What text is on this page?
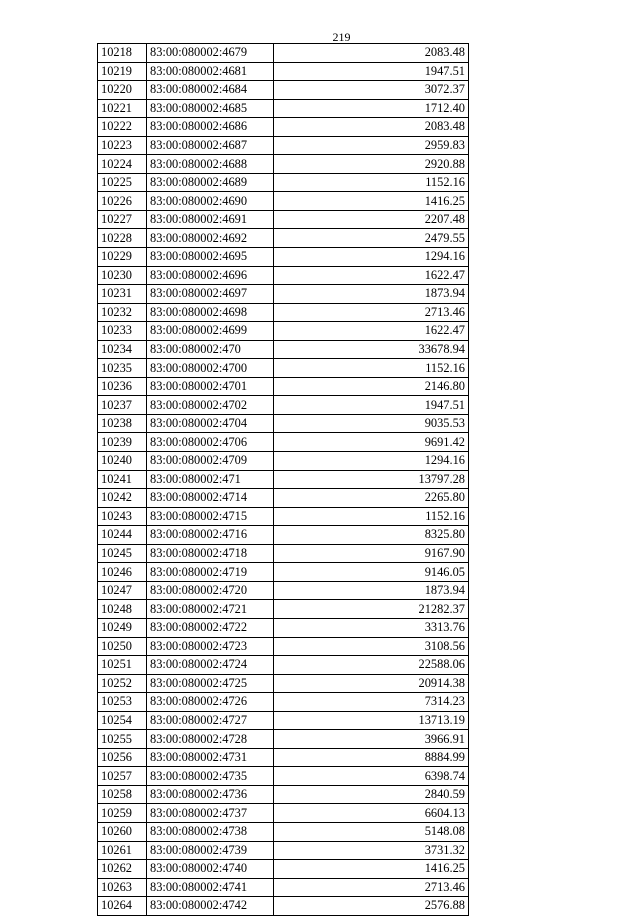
219
10218	83:00:080002:4679	2083.48
10219	83:00:080002:4681	1947.51
10220	83:00:080002:4684	3072.37
10221	83:00:080002:4685	1712.40
10222	83:00:080002:4686	2083.48
10223	83:00:080002:4687	2959.83
10224	83:00:080002:4688	2920.88
10225	83:00:080002:4689	1152.16
10226	83:00:080002:4690	1416.25
10227	83:00:080002:4691	2207.48
10228	83:00:080002:4692	2479.55
10229	83:00:080002:4695	1294.16
10230	83:00:080002:4696	1622.47
10231	83:00:080002:4697	1873.94
10232	83:00:080002:4698	2713.46
10233	83:00:080002:4699	1622.47
10234	83:00:080002:470	33678.94
10235	83:00:080002:4700	1152.16
10236	83:00:080002:4701	2146.80
10237	83:00:080002:4702	1947.51
10238	83:00:080002:4704	9035.53
10239	83:00:080002:4706	9691.42
10240	83:00:080002:4709	1294.16
10241	83:00:080002:471	13797.28
10242	83:00:080002:4714	2265.80
10243	83:00:080002:4715	1152.16
10244	83:00:080002:4716	8325.80
10245	83:00:080002:4718	9167.90
10246	83:00:080002:4719	9146.05
10247	83:00:080002:4720	1873.94
10248	83:00:080002:4721	21282.37
10249	83:00:080002:4722	3313.76
10250	83:00:080002:4723	3108.56
10251	83:00:080002:4724	22588.06
10252	83:00:080002:4725	20914.38
10253	83:00:080002:4726	7314.23
10254	83:00:080002:4727	13713.19
10255	83:00:080002:4728	3966.91
10256	83:00:080002:4731	8884.99
10257	83:00:080002:4735	6398.74
10258	83:00:080002:4736	2840.59
10259	83:00:080002:4737	6604.13
10260	83:00:080002:4738	5148.08
10261	83:00:080002:4739	3731.32
10262	83:00:080002:4740	1416.25
10263	83:00:080002:4741	2713.46
10264	83:00:080002:4742	2576.88
